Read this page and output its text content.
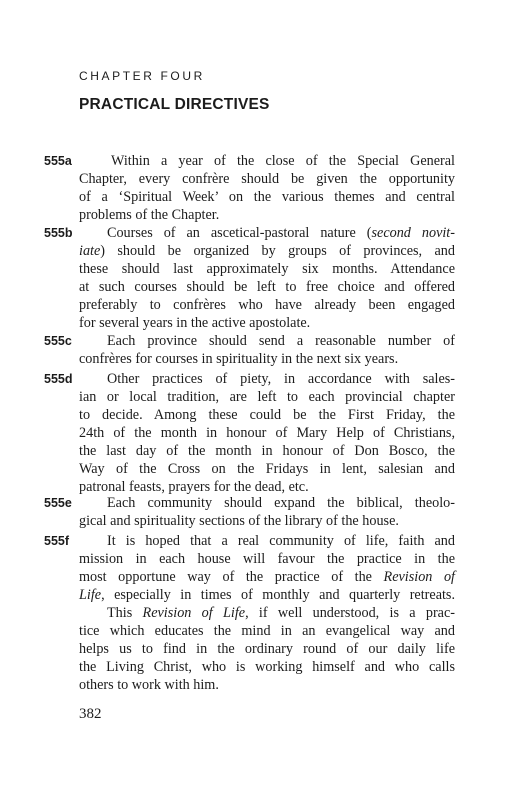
CHAPTER FOUR
PRACTICAL DIRECTIVES
555a	Within a year of the close of the Special General
Chapter, every confrère should be given the opportunity
of a ‘Spiritual Week’ on the various themes and central
problems of the Chapter.
555b	Courses of an ascetical-pastoral nature (second novit-
iate) should be organized by groups of provinces, and
these should last approximately six months. Attendance
at such courses should be left to free choice and offered
preferably to confrères who have already been engaged
for several years in the active apostolate.
555c	Each province should send a reasonable number of
confrères for courses in spirituality in the next six years.
555d	Other practices of piety, in accordance with sales-
ian or local tradition, are left to each provincial chapter
to decide. Among these could be the First Friday, the
24th of the month in honour of Mary Help of Christians,
the last day of the month in honour of Don Bosco, the
Way of the Cross on the Fridays in lent, salesian and
patronal feasts, prayers for the dead, etc.
555e	Each community should expand the biblical, theolo-
gical and spirituality sections of the library of the house.
555f	It is hoped that a real community of life, faith and
mission in each house will favour the practice in the
most opportune way of the practice of the Revision of
Life, especially in times of monthly and quarterly retreats.
This Revision of Life, if well understood, is a prac-
tice which educates the mind in an evangelical way and
helps us to find in the ordinary round of our daily life
the Living Christ, who is working himself and who calls
others to work with him.
382
